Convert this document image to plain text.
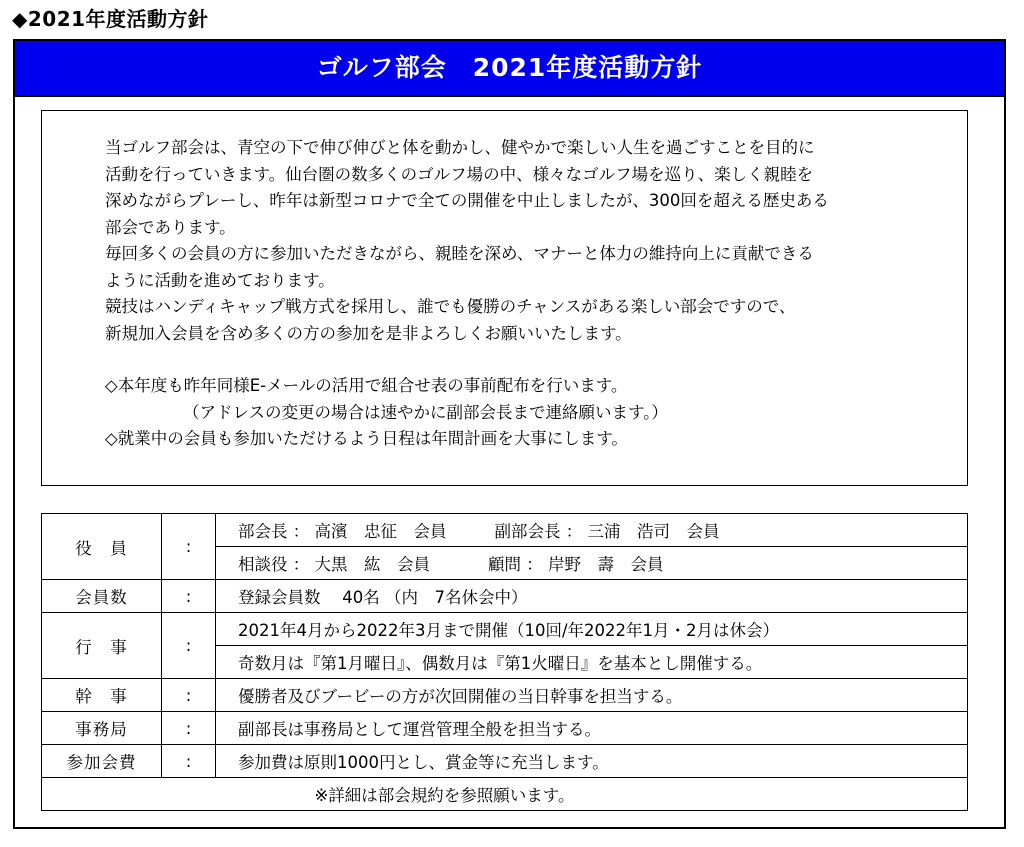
◆2021年度活動方針
ゴルフ部会　2021年度活動方針

当ゴルフ部会は、青空の下で伸び伸びと体を動かし、健やかで楽しい人生を過ごすことを目的に

活動を行っていきます。仙台圏の数多くのゴルフ場の中、様々なゴルフ場を巡り、楽しく親睦を

深めながらプレーし、昨年は新型コロナで全ての開催を中止しましたが、300回を超える歴史ある

部会であります。

毎回多くの会員の方に参加いただきながら、親睦を深め、マナーと体力の維持向上に貢献できる

ように活動を進めております。

競技はハンディキャップ戦方式を採用し、誰でも優勝のチャンスがある楽しい部会ですので、

新規加入会員を含め多くの方の参加を是非よろしくお願いいたします。

◇本年度も昨年同様E-メールの活用で組合せ表の事前配布を行います。

（アドレスの変更の場合は速やかに副部会長まで連絡願います。）

◇就業中の会員も参加いただけるよう日程は年間計画を大事にします。

役　員	:	部会長 ： 高濱　忠征　会員 副部会長 ： 三浦　浩司　会員
		相談役 ： 大黒　紘　会員 顧問 ： 岸野　壽　会員
会員数	:	登録会員数　 40名 （内　7名休会中）
行　事	:	2021年4月から2022年3月まで開催（10回/年2022年1月・2月は休会）
		奇数月は『第1月曜日』、偶数月は『第1火曜日』を基本とし開催する。
幹　事	:	優勝者及びブービーの方が次回開催の当日幹事を担当する。
事務局	:	副部長は事務局として運営管理全般を担当する。
参加会費	:	参加費は原則1000円とし、賞金等に充当します。
※詳細は部会規約を参照願います。		
